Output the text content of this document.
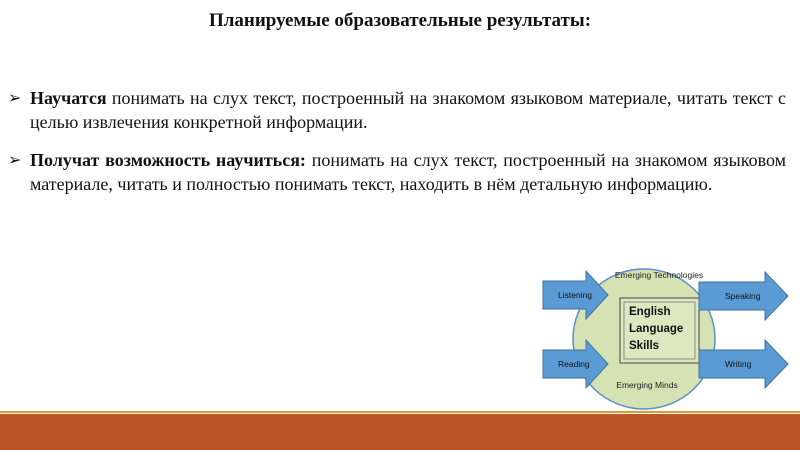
Планируемые образовательные результаты:
➢ Научатся понимать на слух текст, построенный на знакомом языковом материале, читать текст с целью извлечения конкретной информации.
➢ Получат возможность научиться: понимать на слух текст, построенный на знакомом языковом материале, читать и полностью понимать текст, находить в нём детальную информацию.
Emerging Technologies
Emerging Minds
English
Language
Skills
Listening
Reading
Speaking
Writing
